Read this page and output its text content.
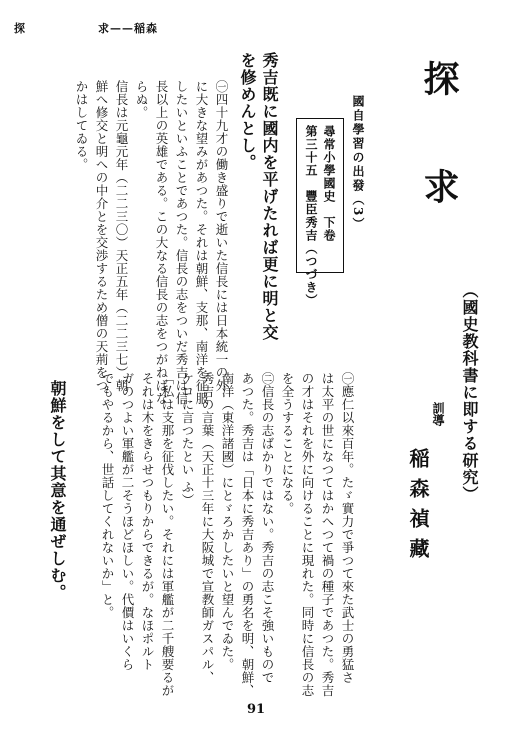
探	求——稲森
探　求
（國史教科書に即する研究）
訓導
稲森禎藏
國自學習の出發（3）
尋常小學國史　下卷
第三十五　豐臣秀吉（つづき）
㊀應仁以來百年。たゞ實力で爭つて來た武士の勇猛さ
は太平の世になつてはかへつて禍の種子であつた。秀吉
の才はそれを外に向けることに現れた。同時に信長の志
を全うすることになる。
㊁信長の志ばかりではない。秀吉の志こそ強いもので
あつた。秀吉は「日本に秀吉あり」の勇名を明、朝鮮、
南洋（東洋諸國）にとゞろかしたいと望んでゐた。
秀吉の言葉（天正十三年に大阪城で宣教師ガスパル、
ケロに言つたとい ふ）
「私は支那を征伐したい。それには軍艦が二千艘要るが
それは木をきらせつもりからできるが。なほポルト
ガのつよい軍艦が二そうほどほしい。代價はいくら
でもやるから、世話してくれないか」と。
朝鮮をして其意を通ぜしむ。
秀吉既に國内を平げたれば更に明と交を修めんとし。
㊀四十九才の働き盛りで逝いた信長には日本統一の外
に大きな望みがあつた。それは朝鮮、支那、南洋を征服
したいといふことであつた。信長の志をついだ秀吉は信
長以上の英雄である。この大なる信長の志をつがねばな
らぬ。
信長は元龜元年（二二三〇）天正五年（二二三七）朝
鮮へ修交と明への中介とを交渉するため僧の天荊をつ
かはしてゐる。
91
